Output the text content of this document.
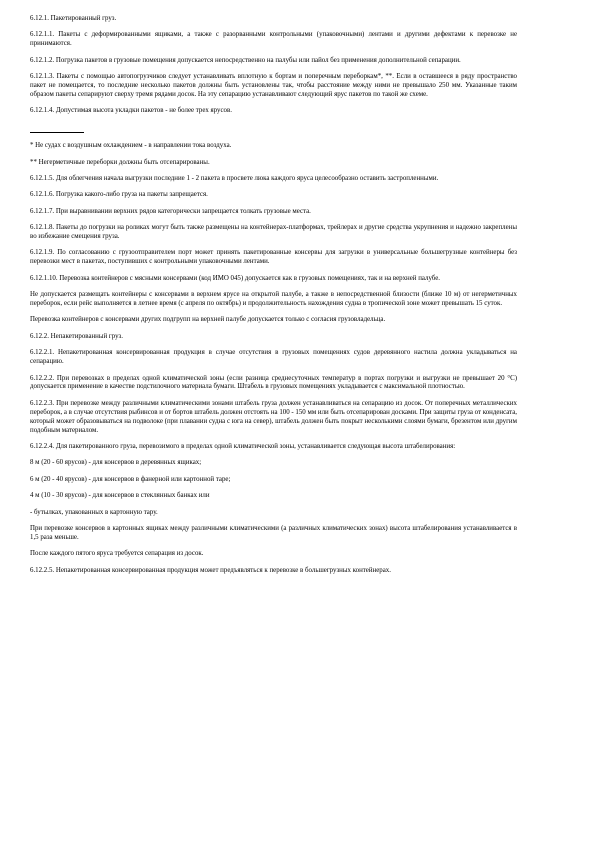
6.12.1. Пакетированный груз.

6.12.1.1. Пакеты с деформированными ящиками, а также с разорванными контрольными (упаковочными) лентами и другими дефектами к перевозке не принимаются.

6.12.1.2. Погрузка пакетов в грузовые помещения допускается непосредственно на палубы или пайол без применения дополнительной сепарации.

6.12.1.3. Пакеты с помощью автопогрузчиков следует устанавливать вплотную к бортам и поперечным переборкам*, **. Если в оставшееся в ряду пространство пакет не помещается, то последние несколько пакетов должны быть установлены так, чтобы расстояние между ними не превышало 250 мм. Указанные таким образом пакеты сепарируют сверху тремя рядами досок. На эту сепарацию устанавливают следующий ярус пакетов по такой же схеме.

6.12.1.4. Допустимая высота укладки пакетов - не более трех ярусов.

* Не судах с воздушным охлаждением - в направлении тока воздуха.

** Негерметичные переборки должны быть отсепарированы.

6.12.1.5. Для облегчения начала выгрузки последние 1 - 2 пакета в просвете люка каждого яруса целесообразно оставить застропленными.

6.12.1.6. Погрузка какого-либо груза на пакеты запрещается.

6.12.1.7. При выравнивании верхних рядов категорически запрещается толкать грузовые места.

6.12.1.8. Пакеты до погрузки на роликах могут быть также размещены на контейнерах-платформах, трейлерах и другие средства укрупнения и надежно закреплены во избежание смещения груза.

6.12.1.9. По согласованию с грузоотправителем порт может принять пакетированные консервы для загрузки в универсальные большегрузные контейнеры без перевозки мест в пакетах, поступивших с контрольными упаковочными лентами.

6.12.1.10. Перевозка контейнеров с мясными консервами (код ИМО 045) допускается как в грузовых помещениях, так и на верхней палубе.

Не допускается размещать контейнеры с консервами в верхнем ярусе на открытой палубе, а также в непосредственной близости (ближе 10 м) от негерметичных переборок, если рейс выполняется в летнее время (с апреля по октябрь) и продолжительность нахождения судна в тропической зоне может превышать 15 суток.

Перевозка контейнеров с консервами других подгрупп на верхней палубе допускается только с согласия грузовладельца.

6.12.2. Непакетированный груз.

6.12.2.1. Непакетированная консервированная продукция в случае отсутствия в грузовых помещениях судов деревянного настила должна укладываться на сепарацию.

6.12.2.2. При перевозках в пределах одной климатической зоны (если разница среднесуточных температур в портах погрузки и выгрузки не превышает 20 °С) допускается применение в качестве подстилочного материала бумаги. Штабель в грузовых помещениях укладывается с максимальной плотностью.

6.12.2.3. При перевозке между различными климатическими зонами штабель груза должен устанавливаться на сепарацию из досок. От поперечных металлических переборок, а в случае отсутствия рыбинсов и от бортов штабель должен отстоять на 100 - 150 мм или быть отсепарирован досками. При защиты груза от конденсата, который может образовываться на подволоке (при плавании судна с юга на север), штабель должен быть покрыт несколькими слоями бумаги, брезентом или другим подобным материалом.

6.12.2.4. Для пакетированного груза, перевозимого в пределах одной климатической зоны, устанавливается следующая высота штабелирования:

8 м (20 - 60 ярусов) - для консервов в деревянных ящиках;

6 м (20 - 40 ярусов) - для консервов в фанерной или картонной таре;

4 м (10 - 30 ярусов) - для консервов в стеклянных банках или

- бутылках, упакованных в картонную тару.

При перевозке консервов в картонных ящиках между различными климатическими (а различных климатических зонах) высота штабелирования устанавливается в 1,5 раза меньше.

После каждого пятого яруса требуется сепарация из досок.

6.12.2.5. Непакетированная консервированная продукция может предъявляться к перевозке в большегрузных контейнерах.
